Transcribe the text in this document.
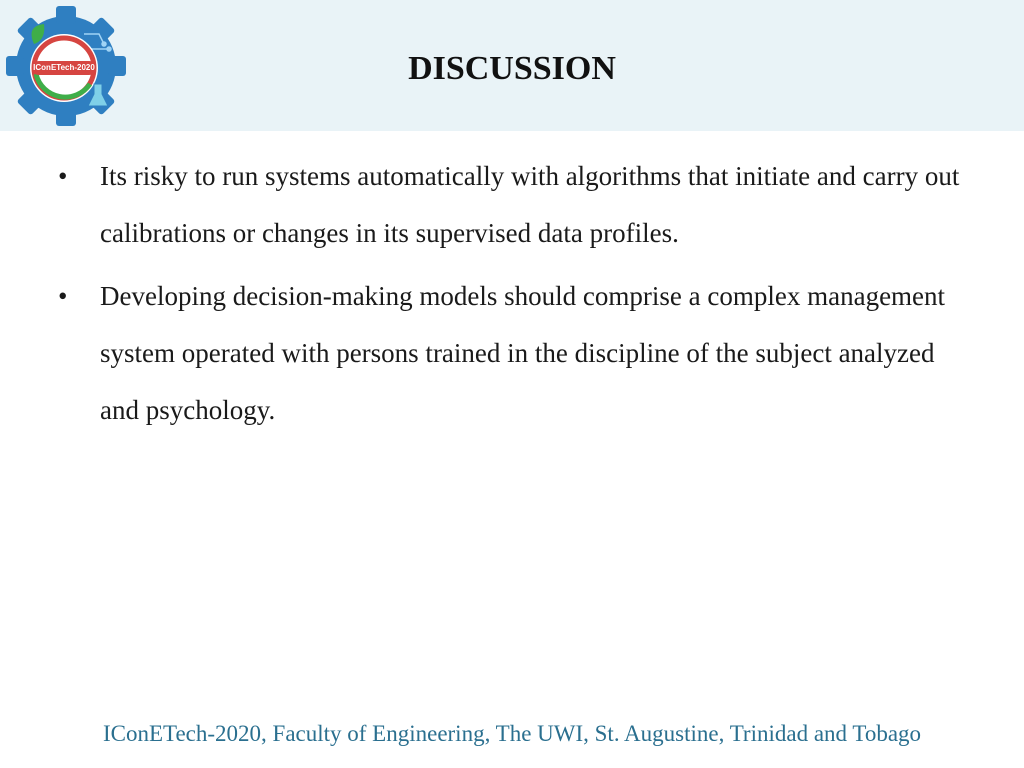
IConETech-2020	DISCUSSION
• Its risky to run systems automatically with algorithms that initiate and carry out calibrations or changes in its supervised data profiles.
• Developing decision-making models should comprise a complex management system operated with persons trained in the discipline of the subject analyzed and psychology.
IConETech-2020, Faculty of Engineering, The UWI, St. Augustine, Trinidad and Tobago
